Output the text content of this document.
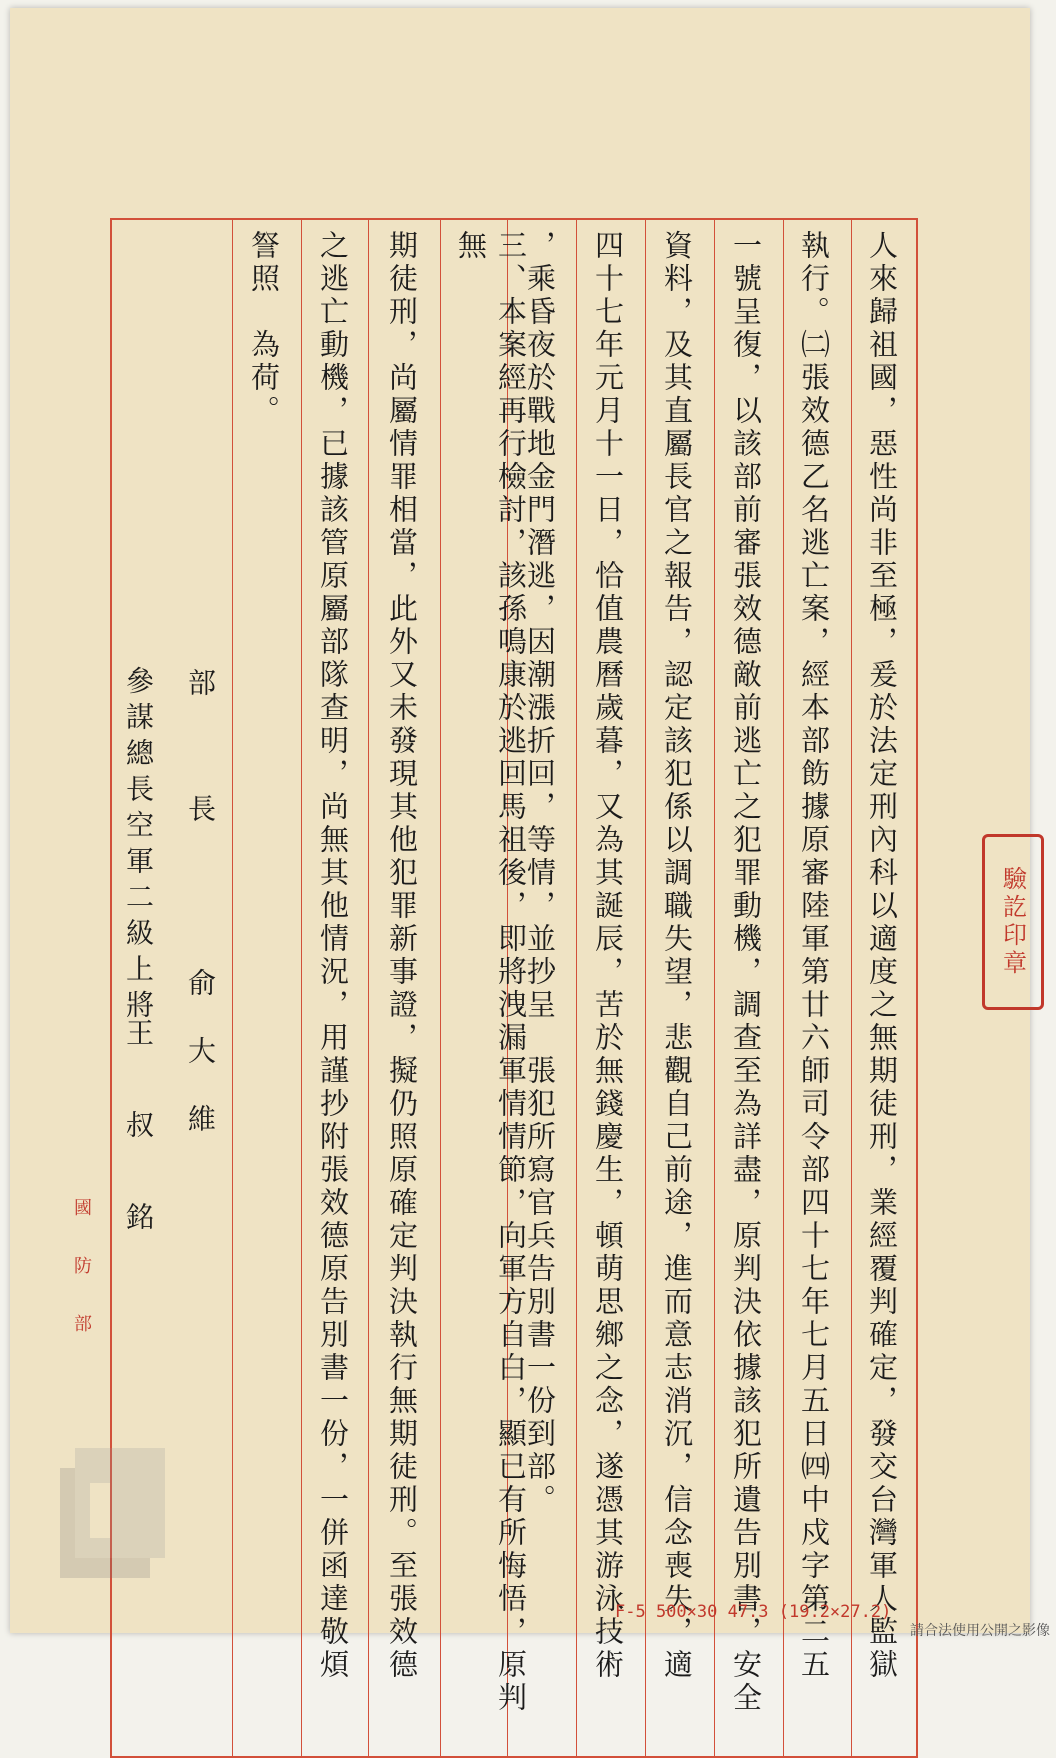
人來歸祖國，惡性尚非至極，爰於法定刑內科以適度之無期徒刑，業經覆判確定，發交台灣軍人監獄
執行。㈡張效德乙名逃亡案，經本部飭據原審陸軍第廿六師司令部四十七年七月五日㈣中戍字第二五
一號呈復，以該部前審張效德敵前逃亡之犯罪動機，調查至為詳盡，原判決依據該犯所遺告別書，安全
資料，及其直屬長官之報告，認定該犯係以調職失望，悲觀自己前途，進而意志消沉，信念喪失，適
四十七年元月十一日，恰值農曆歲暮，又為其誕辰，苦於無錢慶生，頓萌思鄉之念，遂憑其游泳技術
，乘昏夜於戰地金門潛逃，因潮漲折回，等情，並抄呈　張犯所寫官兵告別書一份到部。
三、本案經再行檢討，該孫鳴康於逃回馬祖後，即將洩漏軍情情節，向軍方自白，顯已有所悔悟，原判無
期徒刑，尚屬情罪相當，此外又未發現其他犯罪新事證，擬仍照原確定判決執行無期徒刑。至張效德
之逃亡動機，已據該管原屬部隊查明，尚無其他情況，用謹抄附張效德原告別書一份，一併函達敬煩
詧照　為荷。
部　　長
俞大維
參謀總長空軍二級上將
王　叔　銘
國防部
驗訖印章
F-5 500×30 47.3 (19.2×27.2)
請合法使用公開之影像
